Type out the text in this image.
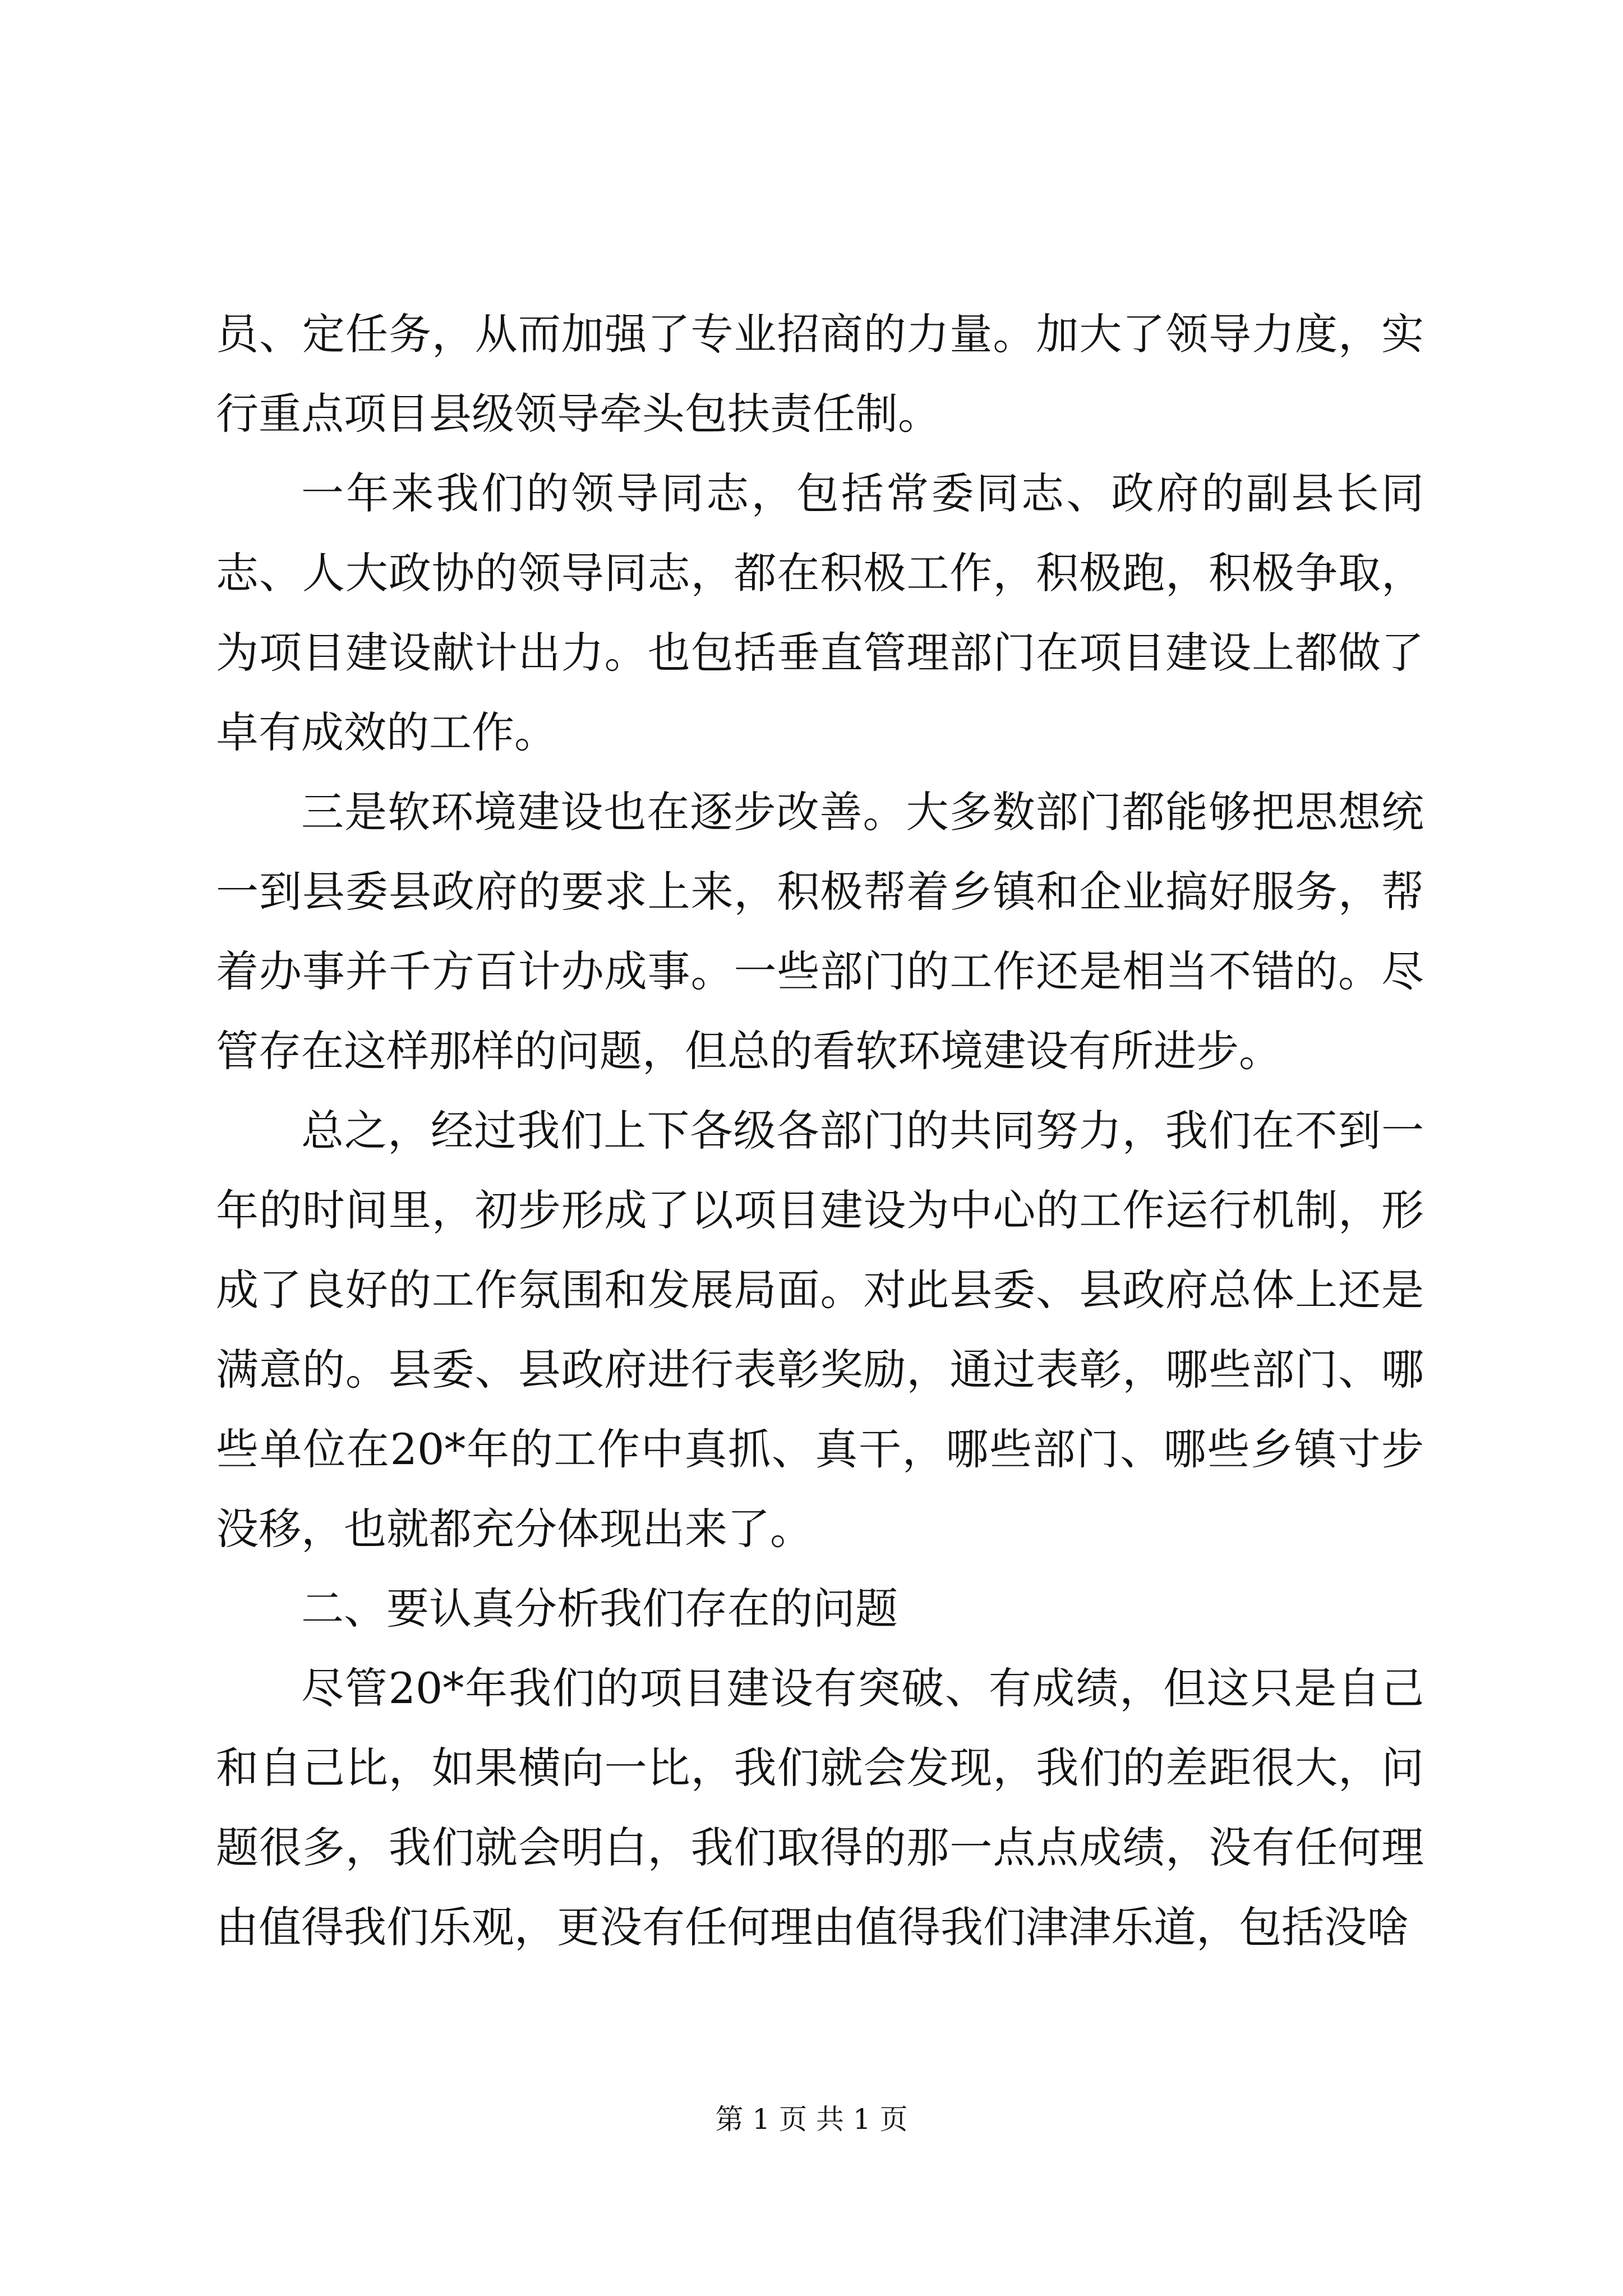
员、定任务，从而加强了专业招商的力量。加大了领导力度，实行重点项目县级领导牵头包扶责任制。

一年来我们的领导同志，包括常委同志、政府的副县长同志、人大政协的领导同志，都在积极工作，积极跑，积极争取，为项目建设献计出力。也包括垂直管理部门在项目建设上都做了卓有成效的工作。

三是软环境建设也在逐步改善。大多数部门都能够把思想统一到县委县政府的要求上来，积极帮着乡镇和企业搞好服务，帮着办事并千方百计办成事。一些部门的工作还是相当不错的。尽管存在这样那样的问题，但总的看软环境建设有所进步。

总之，经过我们上下各级各部门的共同努力，我们在不到一年的时间里，初步形成了以项目建设为中心的工作运行机制，形成了良好的工作氛围和发展局面。对此县委、县政府总体上还是满意的。县委、县政府进行表彰奖励，通过表彰，哪些部门、哪些单位在20*年的工作中真抓、真干，哪些部门、哪些乡镇寸步没移，也就都充分体现出来了。

二、要认真分析我们存在的问题

尽管20*年我们的项目建设有突破、有成绩，但这只是自己和自己比，如果横向一比，我们就会发现，我们的差距很大，问题很多，我们就会明白，我们取得的那一点点成绩，没有任何理由值得我们乐观，更没有任何理由值得我们津津乐道，包括没啥

第 1 页 共 1 页
